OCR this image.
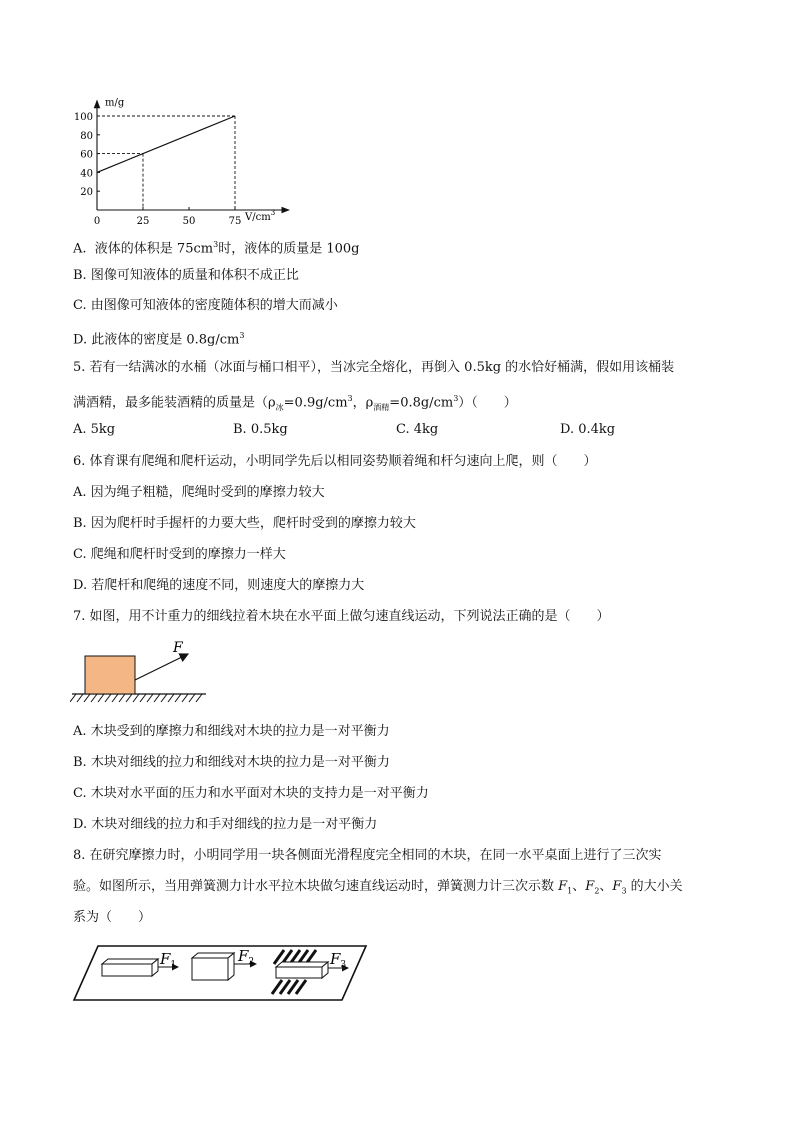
m/g
$V/cm^3$
0	25	50	75
20
40
60
80
100
A. 液体的体积是 $75cm^3$时，液体的质量是 100g
B. 图像可知液体的质量和体积不成正比
C. 由图像可知液体的密度随体积的增大而减小
D. 此液体的密度是 $0.8g/cm^3$
5. 若有一结满冰的水桶（冰面与桶口相平），当冰完全熔化，再倒入 0.5kg 的水恰好桶满，假如用该桶装
满酒精，最多能装酒精的质量是（$\rho_冰=0.9g/cm^3$，$\rho_{酒精}=0.8g/cm^3$）（　　）
A. 5kg	B. 0.5kg	C. 4kg	D. 0.4kg
6. 体育课有爬绳和爬杆运动，小明同学先后以相同姿势顺着绳和杆匀速向上爬，则（　　）
A. 因为绳子粗糙，爬绳时受到的摩擦力较大
B. 因为爬杆时手握杆的力要大些，爬杆时受到的摩擦力较大
C. 爬绳和爬杆时受到的摩擦力一样大
D. 若爬杆和爬绳的速度不同，则速度大的摩擦力大
7. 如图，用不计重力的细线拉着木块在水平面上做匀速直线运动，下列说法正确的是（　　）
F
A. 木块受到的摩擦力和细线对木块的拉力是一对平衡力
B. 木块对细线的拉力和细线对木块的拉力是一对平衡力
C. 木块对水平面的压力和水平面对木块的支持力是一对平衡力
D. 木块对细线的拉力和手对细线的拉力是一对平衡力
8. 在研究摩擦力时，小明同学用一块各侧面光滑程度完全相同的木块，在同一水平桌面上进行了三次实
验。如图所示，当用弹簧测力计水平拉木块做匀速直线运动时，弹簧测力计三次示数 $F_1$、$F_2$、$F_3$ 的大小关
系为（　　）
$F_1$	$F_2$	$F_3$
